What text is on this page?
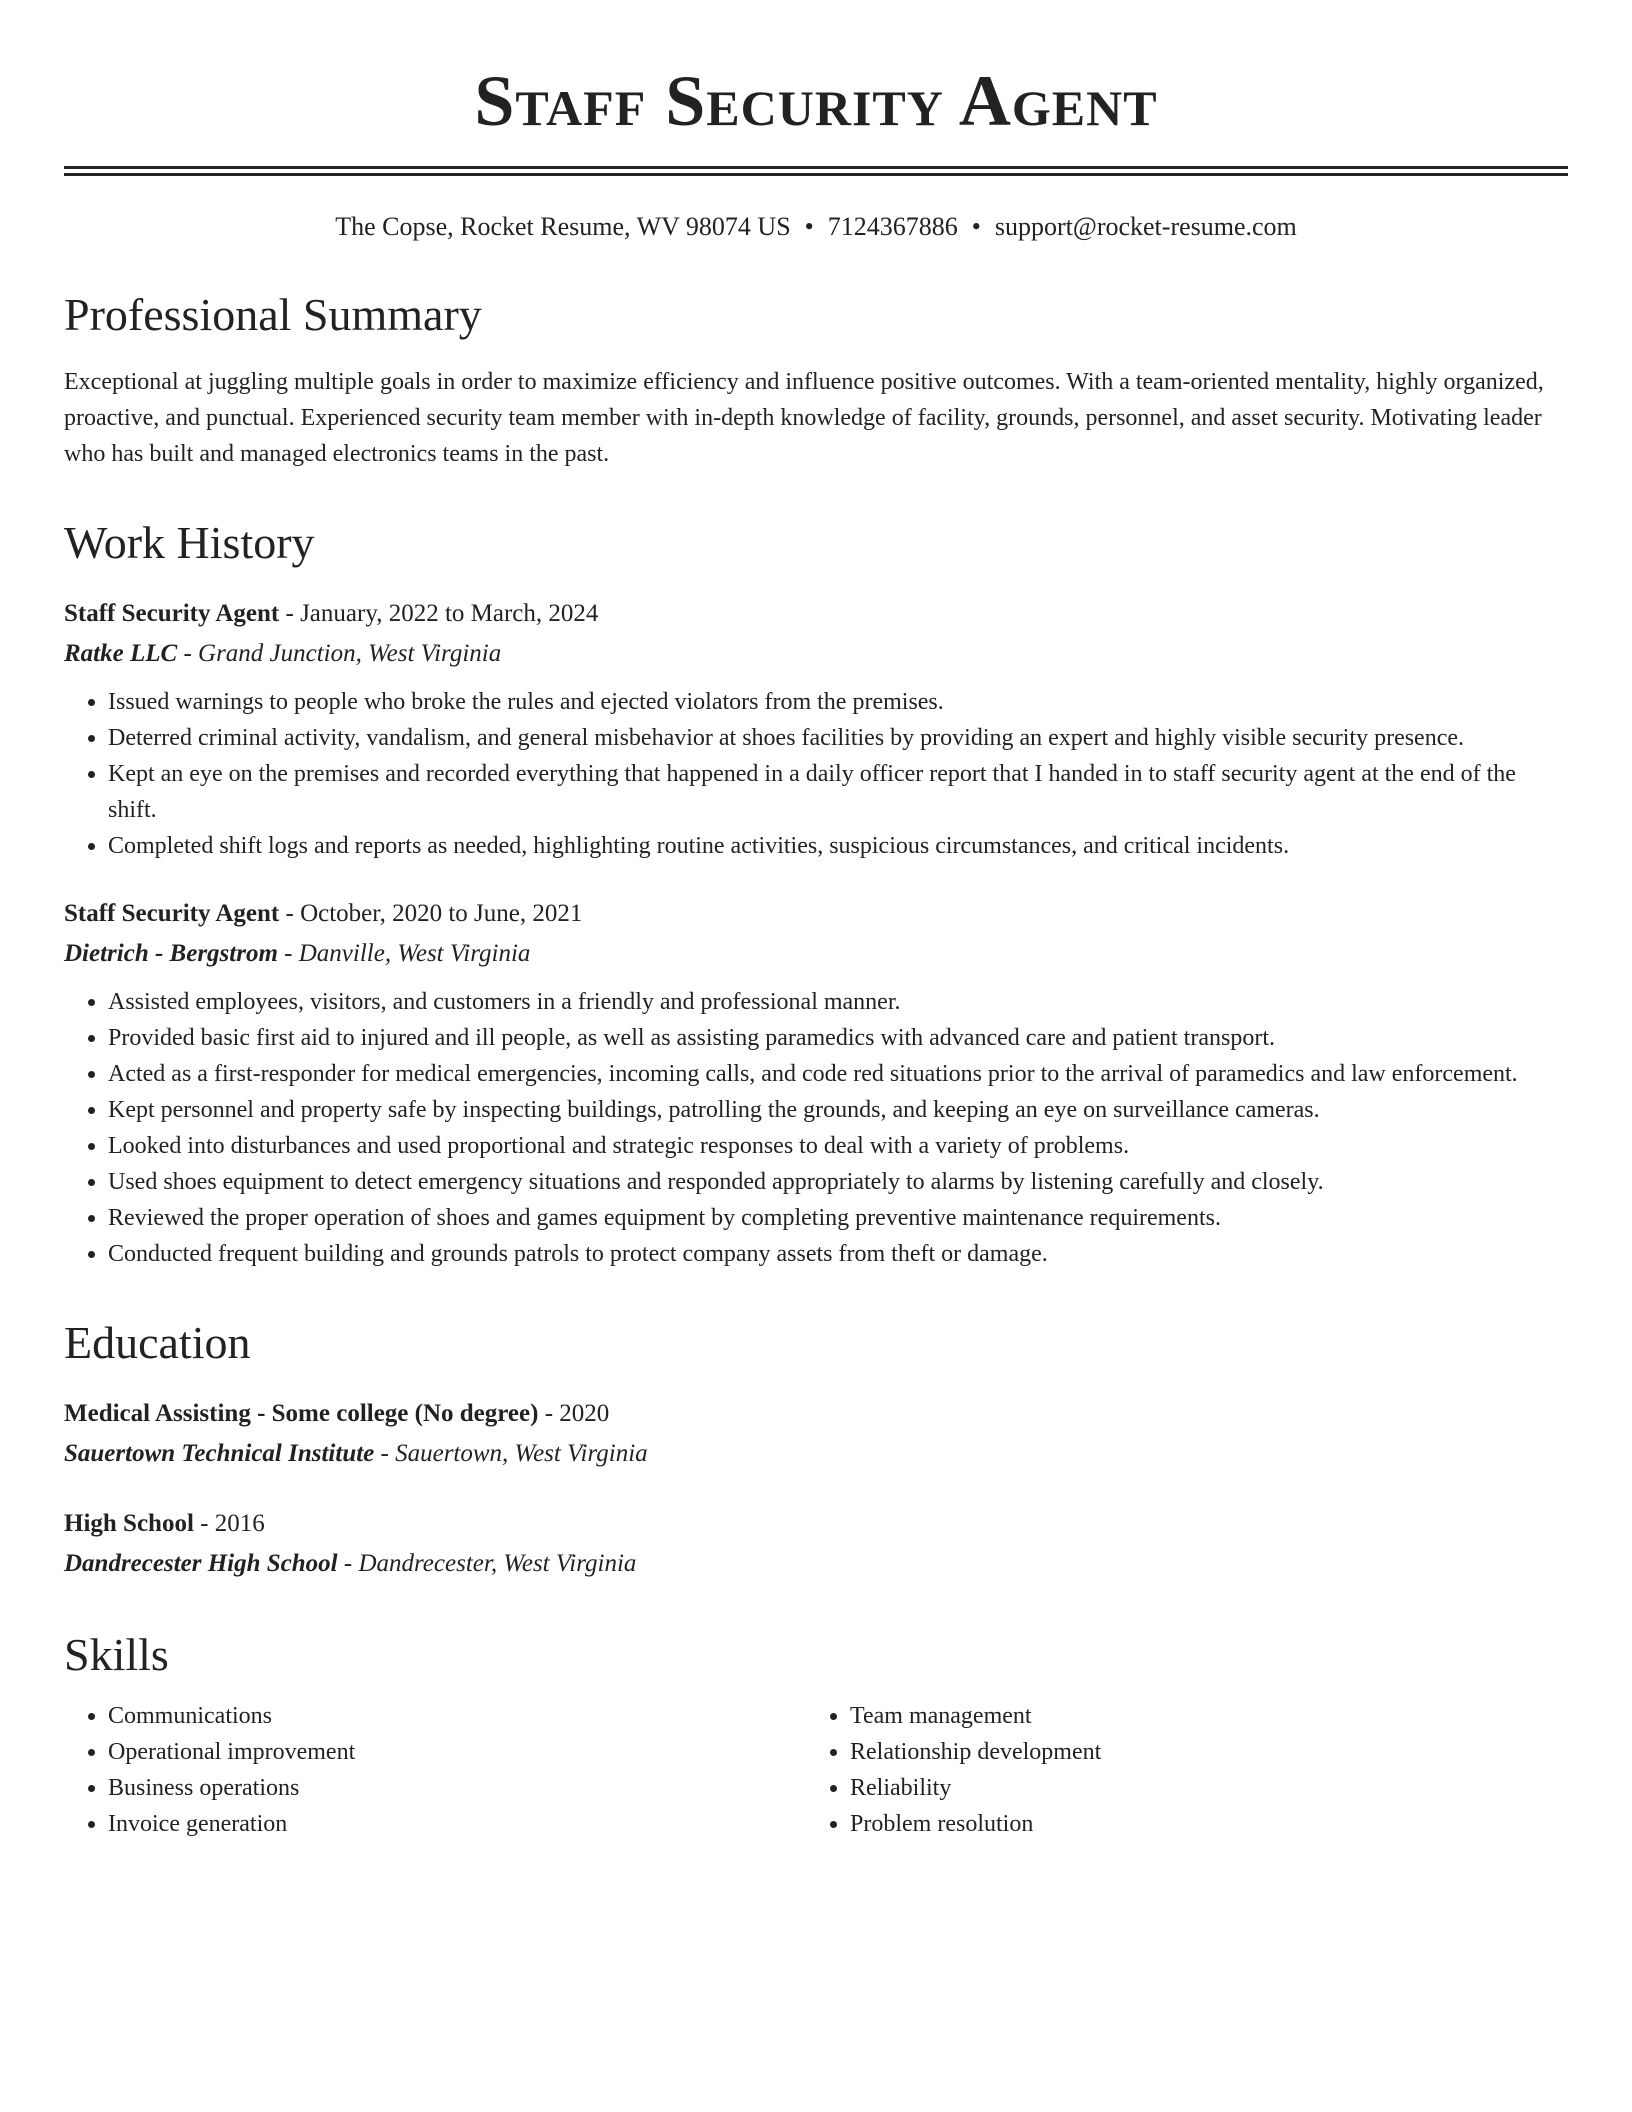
Staff Security Agent
The Copse, Rocket Resume, WV 98074 US • 7124367886 • support@rocket-resume.com
Professional Summary

Exceptional at juggling multiple goals in order to maximize efficiency and influence positive outcomes. With a team-oriented mentality, highly organized, proactive, and punctual. Experienced security team member with in-depth knowledge of facility, grounds, personnel, and asset security. Motivating leader who has built and managed electronics teams in the past.

Work History
Staff Security Agent - January, 2022 to March, 2024
Ratke LLC - Grand Junction, West Virginia
• Issued warnings to people who broke the rules and ejected violators from the premises.
• Deterred criminal activity, vandalism, and general misbehavior at shoes facilities by providing an expert and highly visible security presence.
• Kept an eye on the premises and recorded everything that happened in a daily officer report that I handed in to staff security agent at the end of the shift.
• Completed shift logs and reports as needed, highlighting routine activities, suspicious circumstances, and critical incidents.
Staff Security Agent - October, 2020 to June, 2021
Dietrich - Bergstrom - Danville, West Virginia
• Assisted employees, visitors, and customers in a friendly and professional manner.
• Provided basic first aid to injured and ill people, as well as assisting paramedics with advanced care and patient transport.
• Acted as a first-responder for medical emergencies, incoming calls, and code red situations prior to the arrival of paramedics and law enforcement.
• Kept personnel and property safe by inspecting buildings, patrolling the grounds, and keeping an eye on surveillance cameras.
• Looked into disturbances and used proportional and strategic responses to deal with a variety of problems.
• Used shoes equipment to detect emergency situations and responded appropriately to alarms by listening carefully and closely.
• Reviewed the proper operation of shoes and games equipment by completing preventive maintenance requirements.
• Conducted frequent building and grounds patrols to protect company assets from theft or damage.
Education
Medical Assisting - Some college (No degree) - 2020
Sauertown Technical Institute - Sauertown, West Virginia
High School - 2016
Dandrecester High School - Dandrecester, West Virginia
Skills
• Communications
• Operational improvement
• Business operations
• Invoice generation
• Team management
• Relationship development
• Reliability
• Problem resolution
